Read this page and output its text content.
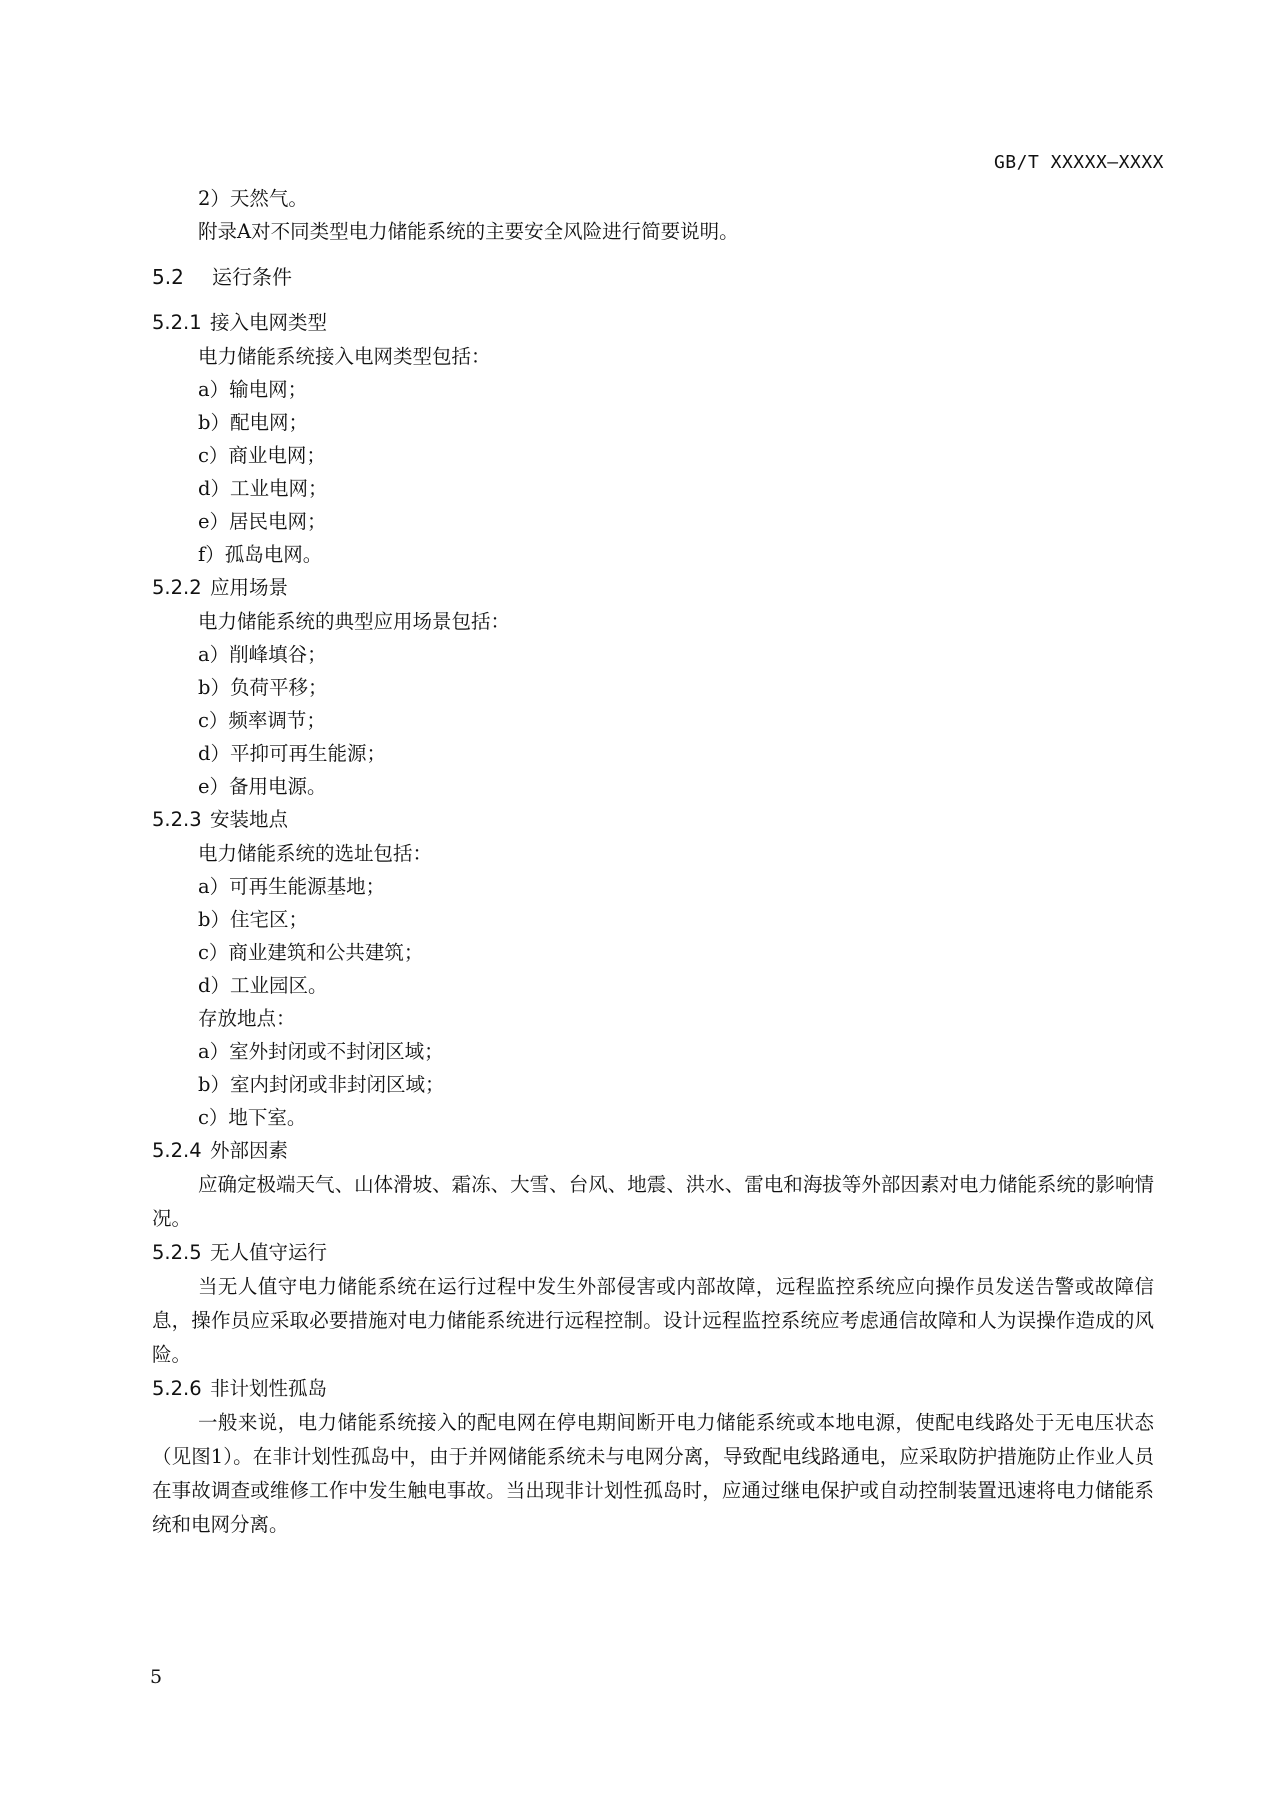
GB/T XXXXX—XXXX
2）天然气。
附录A对不同类型电力储能系统的主要安全风险进行简要说明。
5.2 运行条件
5.2.1 接入电网类型
电力储能系统接入电网类型包括：
a）输电网；
b）配电网；
c）商业电网；
d）工业电网；
e）居民电网；
f）孤岛电网。
5.2.2 应用场景
电力储能系统的典型应用场景包括：
a）削峰填谷；
b）负荷平移；
c）频率调节；
d）平抑可再生能源；
e）备用电源。
5.2.3 安装地点
电力储能系统的选址包括：
a）可再生能源基地；
b）住宅区；
c）商业建筑和公共建筑；
d）工业园区。
存放地点：
a）室外封闭或不封闭区域；
b）室内封闭或非封闭区域；
c）地下室。
5.2.4 外部因素

应确定极端天气、山体滑坡、霜冻、大雪、台风、地震、洪水、雷电和海拔等外部因素对电力储能系统的影响情况。

5.2.5 无人值守运行

当无人值守电力储能系统在运行过程中发生外部侵害或内部故障，远程监控系统应向操作员发送告警或故障信息，操作员应采取必要措施对电力储能系统进行远程控制。设计远程监控系统应考虑通信故障和人为误操作造成的风险。

5.2.6 非计划性孤岛

一般来说，电力储能系统接入的配电网在停电期间断开电力储能系统或本地电源，使配电线路处于无电压状态（见图1）。在非计划性孤岛中，由于并网储能系统未与电网分离，导致配电线路通电，应采取防护措施防止作业人员在事故调查或维修工作中发生触电事故。当出现非计划性孤岛时，应通过继电保护或自动控制装置迅速将电力储能系统和电网分离。

5
